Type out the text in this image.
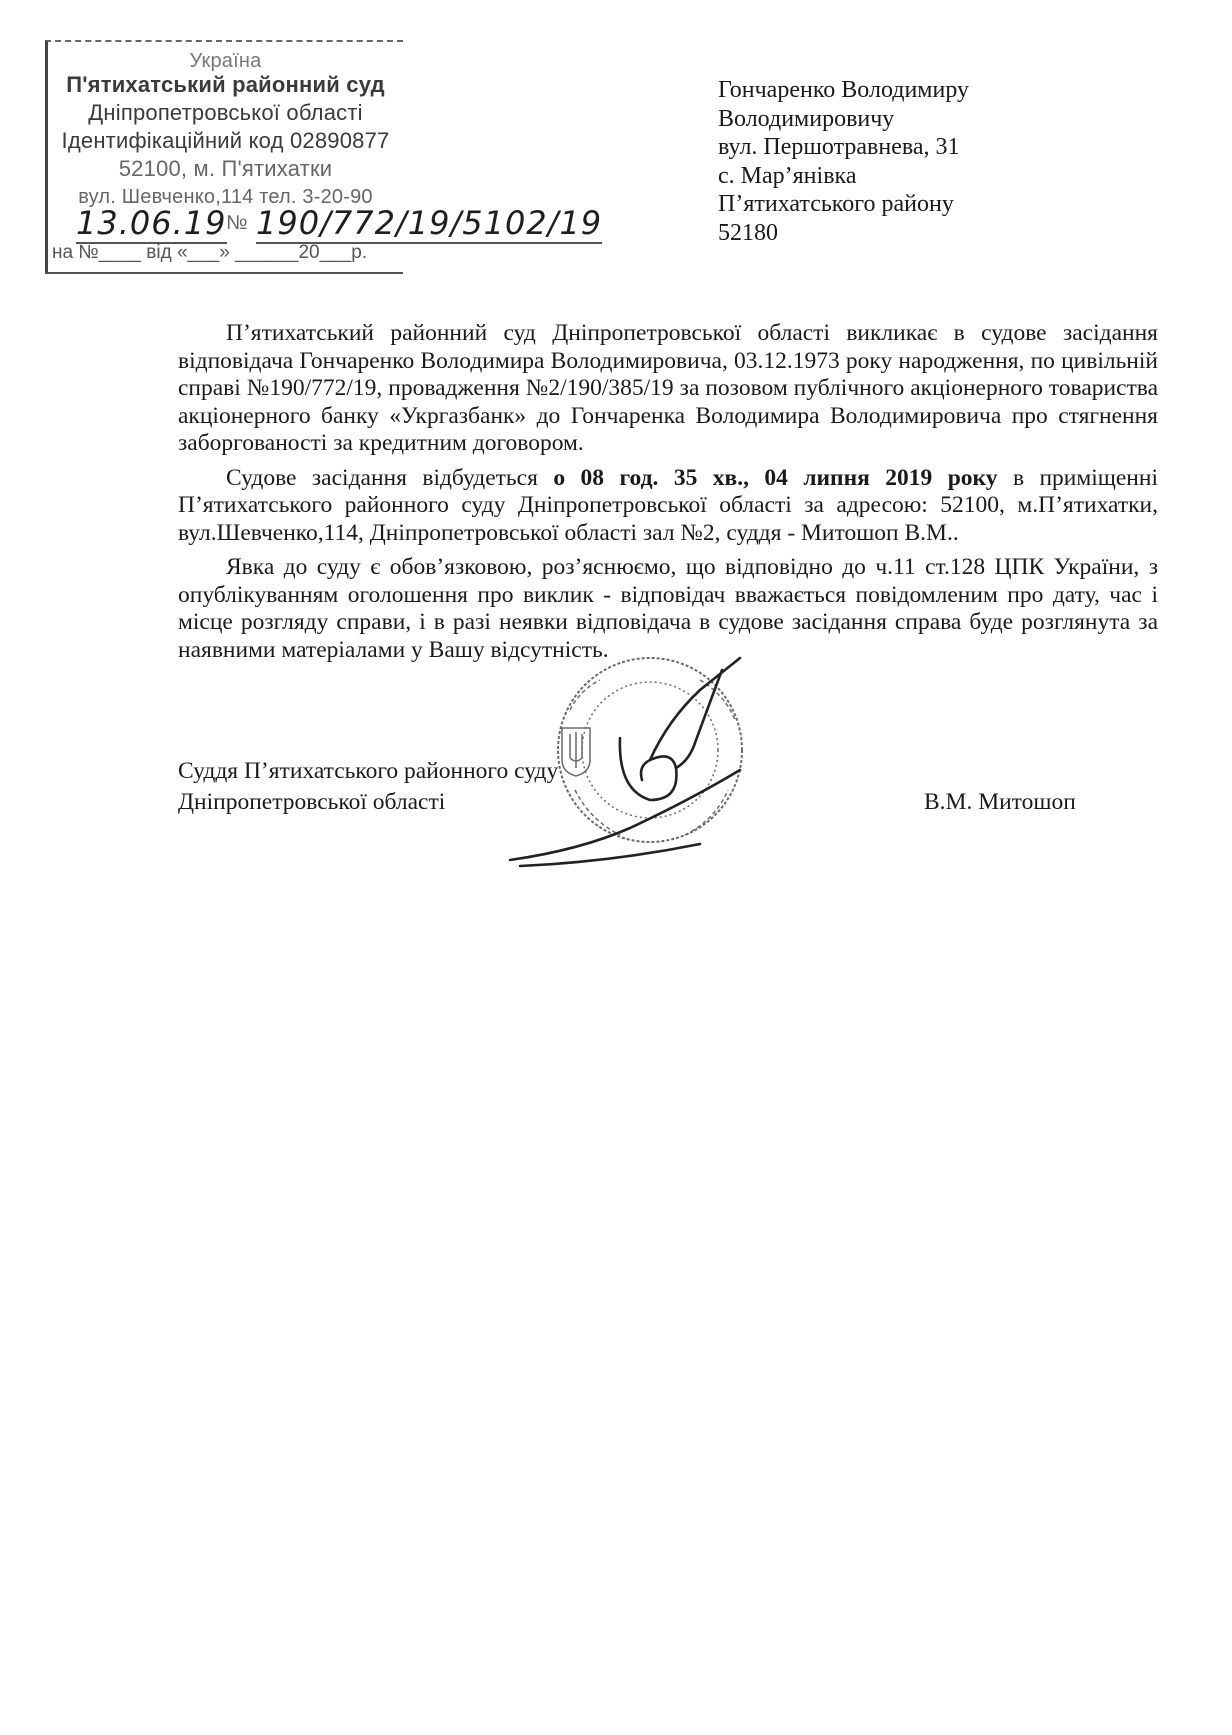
Україна
П'ятихатський районний суд
Дніпропетровської області
Ідентифікаційний код 02890877
52100, м. П'ятихатки
вул. Шевченко,114 тел. 3-20-90
13.06.19 № 190/772/19/5102/19
на №____ від «___» ______20___р.
Гончаренко Володимиру
Володимировичу
вул. Першотравнева, 31
с. Мар’янівка
П’ятихатського району
52180

П’ятихатський районний суд Дніпропетровської області викликає в судове засідання відповідача Гончаренко Володимира Володимировича, 03.12.1973 року народження, по цивільній справі №190/772/19, провадження №2/190/385/19 за позовом публічного акціонерного товариства акціонерного банку «Укргазбанк» до Гончаренка Володимира Володимировича про стягнення заборгованості за кредитним договором.

Судове засідання відбудеться о 08 год. 35 хв., 04 липня 2019 року в приміщенні П’ятихатського районного суду Дніпропетровської області за адресою: 52100, м.П’ятихатки, вул.Шевченко,114, Дніпропетровської області зал №2, суддя - Митошоп В.М..

Явка до суду є обов’язковою, роз’яснюємо, що відповідно до ч.11 ст.128 ЦПК України, з опублікуванням оголошення про виклик - відповідач вважається повідомленим про дату, час і місце розгляду справи, і в разі неявки відповідача в судове засідання справа буде розглянута за наявними матеріалами у Вашу відсутність.

Суддя П’ятихатського районного суду
Дніпропетровської області	В.М. Митошоп
